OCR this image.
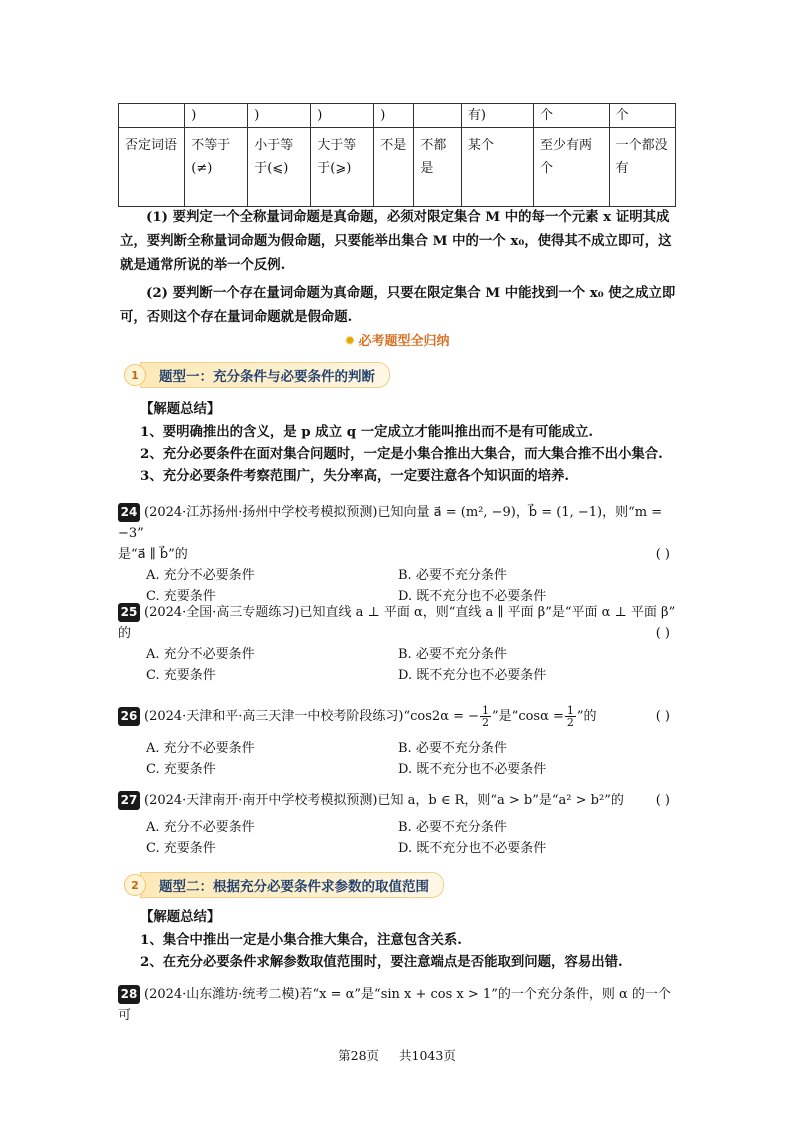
	)	)	)	)		有)	个	个
否定词语	不等于(≠)	小于等于(⩽)	大于等于(⩾)	不是	不都是	某个	至少有两个	一个都没有
(1) 要判定一个全称量词命题是真命题，必须对限定集合 M 中的每一个元素 x 证明其成立，要判断全称量词命题为假命题，只要能举出集合 M 中的一个 x₀，使得其不成立即可，这就是通常所说的举一个反例.
(2) 要判断一个存在量词命题为真命题，只要在限定集合 M 中能找到一个 x₀ 使之成立即可，否则这个存在量词命题就是假命题.
✹ 必考题型全归纳
1	题型一：充分条件与必要条件的判断
【解题总结】
1、要明确推出的含义，是 p 成立 q 一定成立才能叫推出而不是有可能成立.
2、充分必要条件在面对集合问题时，一定是小集合推出大集合，而大集合推不出小集合.
3、充分必要条件考察范围广，失分率高，一定要注意各个知识面的培养.
24 (2024·江苏扬州·扬州中学校考模拟预测)已知向量 a⃗ = (m², −9)，b⃗ = (1, −1)，则“m = −3”
是“a⃗ ∥ b⃗”的	( )
A. 充分不必要条件	B. 必要不充分条件
C. 充要条件	D. 既不充分也不必要条件
25 (2024·全国·高三专题练习)已知直线 a ⊥ 平面 α，则“直线 a ∥ 平面 β”是“平面 α ⊥ 平面 β”
的	( )
A. 充分不必要条件	B. 必要不充分条件
C. 充要条件	D. 既不充分也不必要条件
26 (2024·天津和平·高三天津一中校考阶段练习)“cos2α = − $\frac{1}{2}$ ”是“$\cos\alpha = \frac{1}{2}$ ”的	( )
A. 充分不必要条件	B. 必要不充分条件
C. 充要条件	D. 既不充分也不必要条件
27 (2024·天津南开·南开中学校考模拟预测)已知 a，b ∈ R，则“a > b”是“a² > b²”的 ( )
A. 充分不必要条件	B. 必要不充分条件
C. 充要条件	D. 既不充分也不必要条件
2	题型二：根据充分必要条件求参数的取值范围
【解题总结】
1、集合中推出一定是小集合推大集合，注意包含关系.
2、在充分必要条件求解参数取值范围时，要注意端点是否能取到问题，容易出错.
28 (2024·山东潍坊·统考二模)若“x = α”是“sin x + cos x > 1”的一个充分条件，则 α 的一个可
第28页 共1043页
